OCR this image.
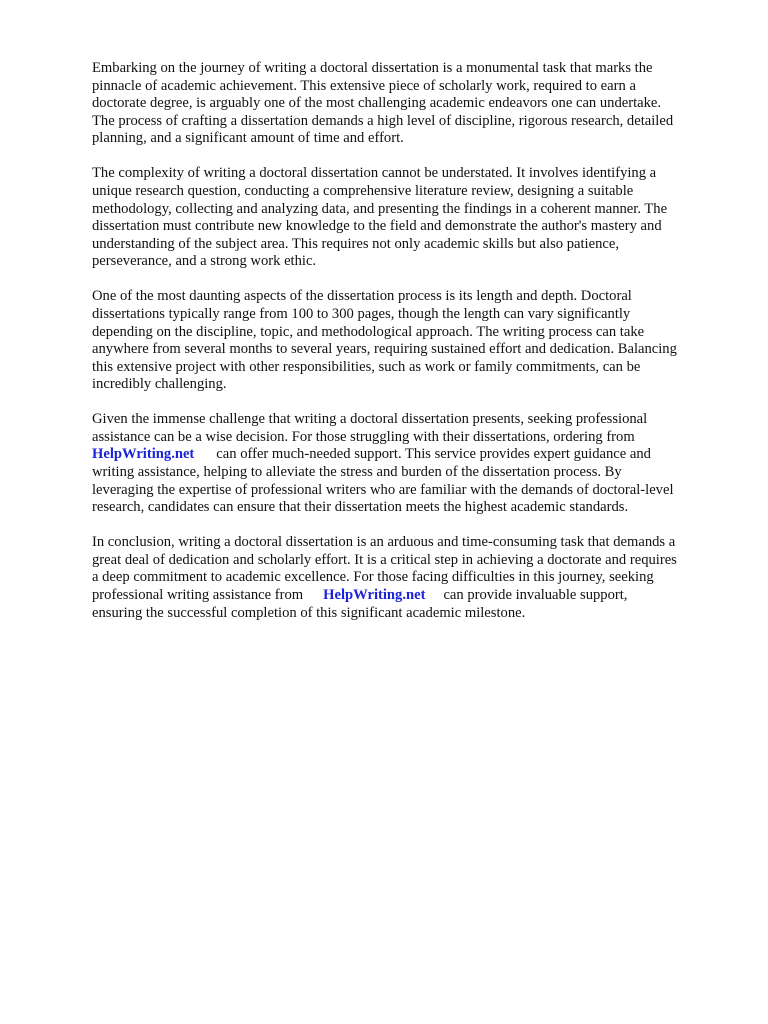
Embarking on the journey of writing a doctoral dissertation is a monumental task that marks the
pinnacle of academic achievement. This extensive piece of scholarly work, required to earn a
doctorate degree, is arguably one of the most challenging academic endeavors one can undertake.
The process of crafting a dissertation demands a high level of discipline, rigorous research, detailed
planning, and a significant amount of time and effort.

The complexity of writing a doctoral dissertation cannot be understated. It involves identifying a
unique research question, conducting a comprehensive literature review, designing a suitable
methodology, collecting and analyzing data, and presenting the findings in a coherent manner. The
dissertation must contribute new knowledge to the field and demonstrate the author's mastery and
understanding of the subject area. This requires not only academic skills but also patience,
perseverance, and a strong work ethic.

One of the most daunting aspects of the dissertation process is its length and depth. Doctoral
dissertations typically range from 100 to 300 pages, though the length can vary significantly
depending on the discipline, topic, and methodological approach. The writing process can take
anywhere from several months to several years, requiring sustained effort and dedication. Balancing
this extensive project with other responsibilities, such as work or family commitments, can be
incredibly challenging.

Given the immense challenge that writing a doctoral dissertation presents, seeking professional
assistance can be a wise decision. For those struggling with their dissertations, ordering from
HelpWriting.net can offer much-needed support. This service provides expert guidance and
writing assistance, helping to alleviate the stress and burden of the dissertation process. By
leveraging the expertise of professional writers who are familiar with the demands of doctoral-level
research, candidates can ensure that their dissertation meets the highest academic standards.

In conclusion, writing a doctoral dissertation is an arduous and time-consuming task that demands a
great deal of dedication and scholarly effort. It is a critical step in achieving a doctorate and requires
a deep commitment to academic excellence. For those facing difficulties in this journey, seeking
professional writing assistance from HelpWriting.net can provide invaluable support,
ensuring the successful completion of this significant academic milestone.
